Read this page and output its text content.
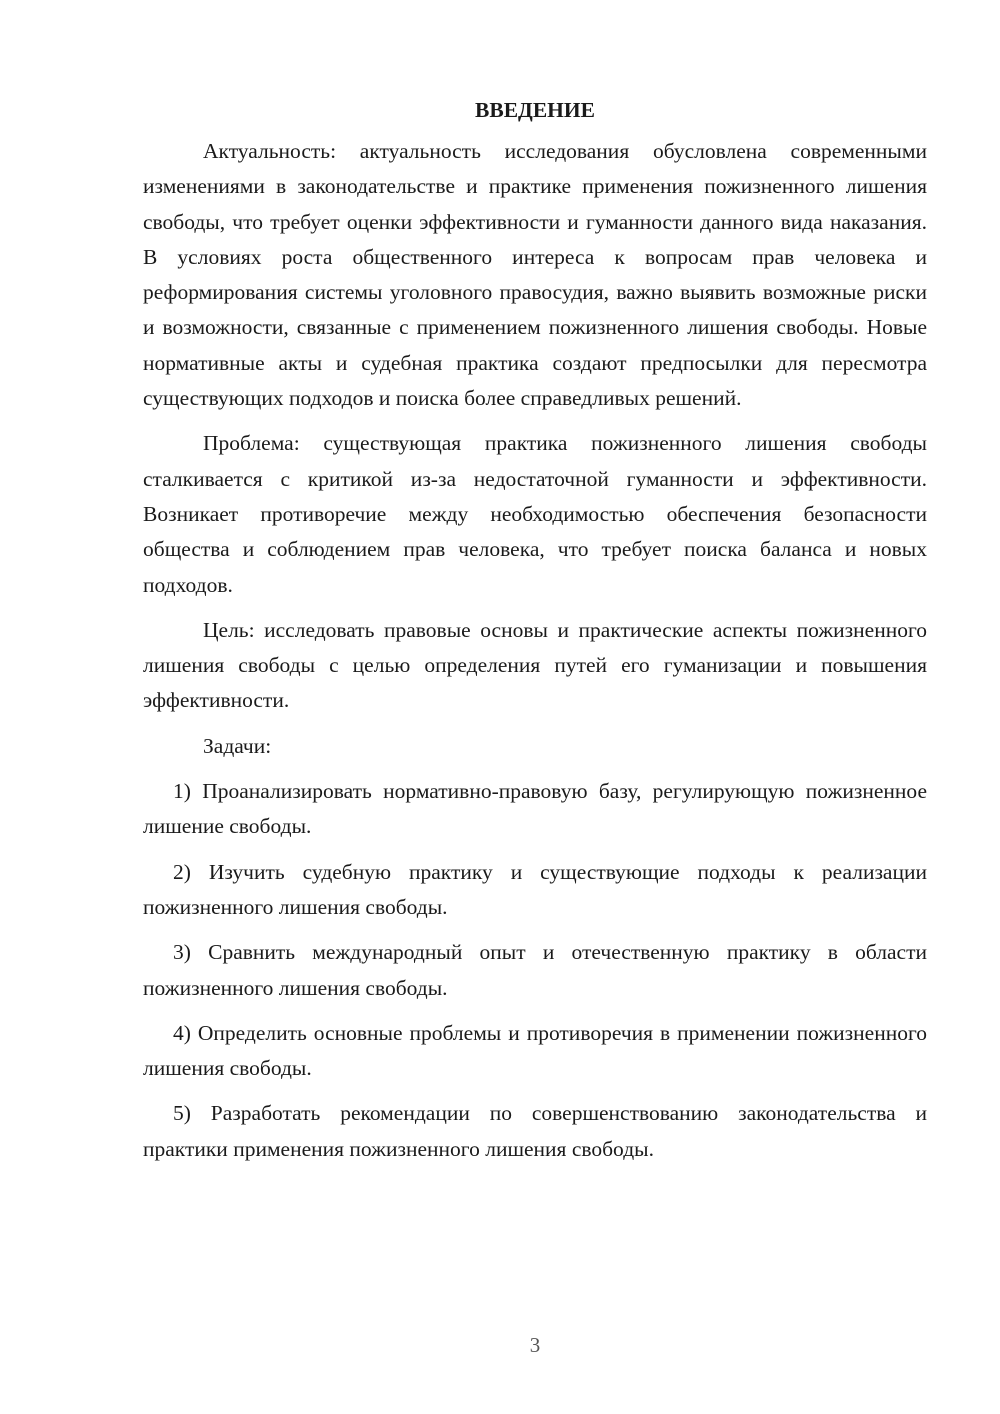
ВВЕДЕНИЕ

Актуальность: актуальность исследования обусловлена современными изменениями в законодательстве и практике применения пожизненного лишения свободы, что требует оценки эффективности и гуманности данного вида наказания. В условиях роста общественного интереса к вопросам прав человека и реформирования системы уголовного правосудия, важно выявить возможные риски и возможности, связанные с применением пожизненного лишения свободы. Новые нормативные акты и судебная практика создают предпосылки для пересмотра существующих подходов и поиска более справедливых решений.

Проблема: существующая практика пожизненного лишения свободы сталкивается с критикой из-за недостаточной гуманности и эффективности. Возникает противоречие между необходимостью обеспечения безопасности общества и соблюдением прав человека, что требует поиска баланса и новых подходов.

Цель: исследовать правовые основы и практические аспекты пожизненного лишения свободы с целью определения путей его гуманизации и повышения эффективности.

Задачи:

1) Проанализировать нормативно-правовую базу, регулирующую пожизненное лишение свободы.

2) Изучить судебную практику и существующие подходы к реализации пожизненного лишения свободы.

3) Сравнить международный опыт и отечественную практику в области пожизненного лишения свободы.

4) Определить основные проблемы и противоречия в применении пожизненного лишения свободы.

5) Разработать рекомендации по совершенствованию законодательства и практики применения пожизненного лишения свободы.

3
